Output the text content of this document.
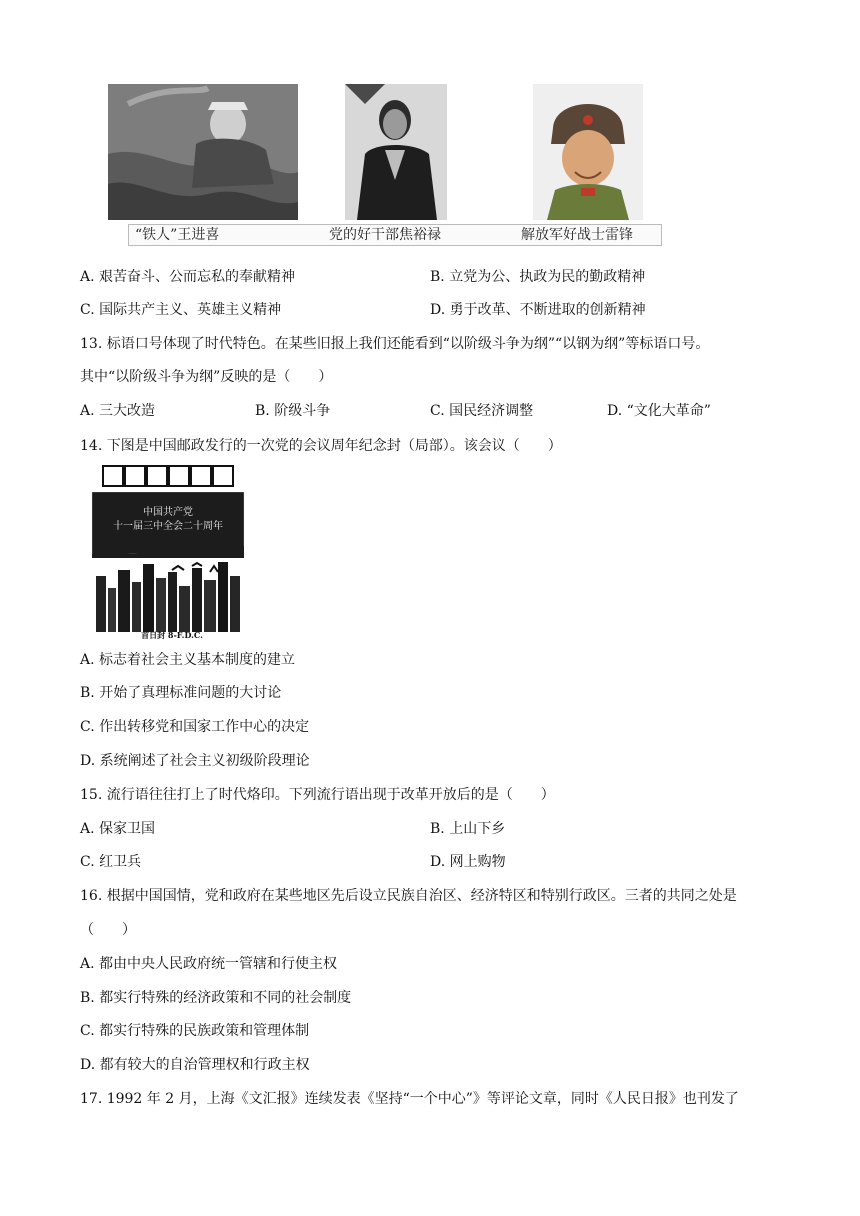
“铁人”王进喜	党的好干部焦裕禄	解放军好战士雷锋
A. 艰苦奋斗、公而忘私的奉献精神	B. 立党为公、执政为民的勤政精神
C. 国际共产主义、英雄主义精神	D. 勇于改革、不断进取的创新精神
13. 标语口号体现了时代特色。在某些旧报上我们还能看到“以阶级斗争为纲”“以钢为纲”等标语口号。
其中“以阶级斗争为纲”反映的是（　　）
A. 三大改造	B. 阶级斗争	C. 国民经济调整	D. “文化大革命”
14. 下图是中国邮政发行的一次党的会议周年纪念封（局部）。该会议（　　）
中国共产党
十一届三中全会二十周年
首日封 8-F.D.C.
A. 标志着社会主义基本制度的建立
B. 开始了真理标准问题的大讨论
C. 作出转移党和国家工作中心的决定
D. 系统阐述了社会主义初级阶段理论
15. 流行语往往打上了时代烙印。下列流行语出现于改革开放后的是（　　）
A. 保家卫国	B. 上山下乡
C. 红卫兵	D. 网上购物
16. 根据中国国情，党和政府在某些地区先后设立民族自治区、经济特区和特别行政区。三者的共同之处是
（　　）
A. 都由中央人民政府统一管辖和行使主权
B. 都实行特殊的经济政策和不同的社会制度
C. 都实行特殊的民族政策和管理体制
D. 都有较大的自治管理权和行政主权
17. 1992 年 2 月，上海《文汇报》连续发表《坚持“一个中心”》等评论文章，同时《人民日报》也刊发了
